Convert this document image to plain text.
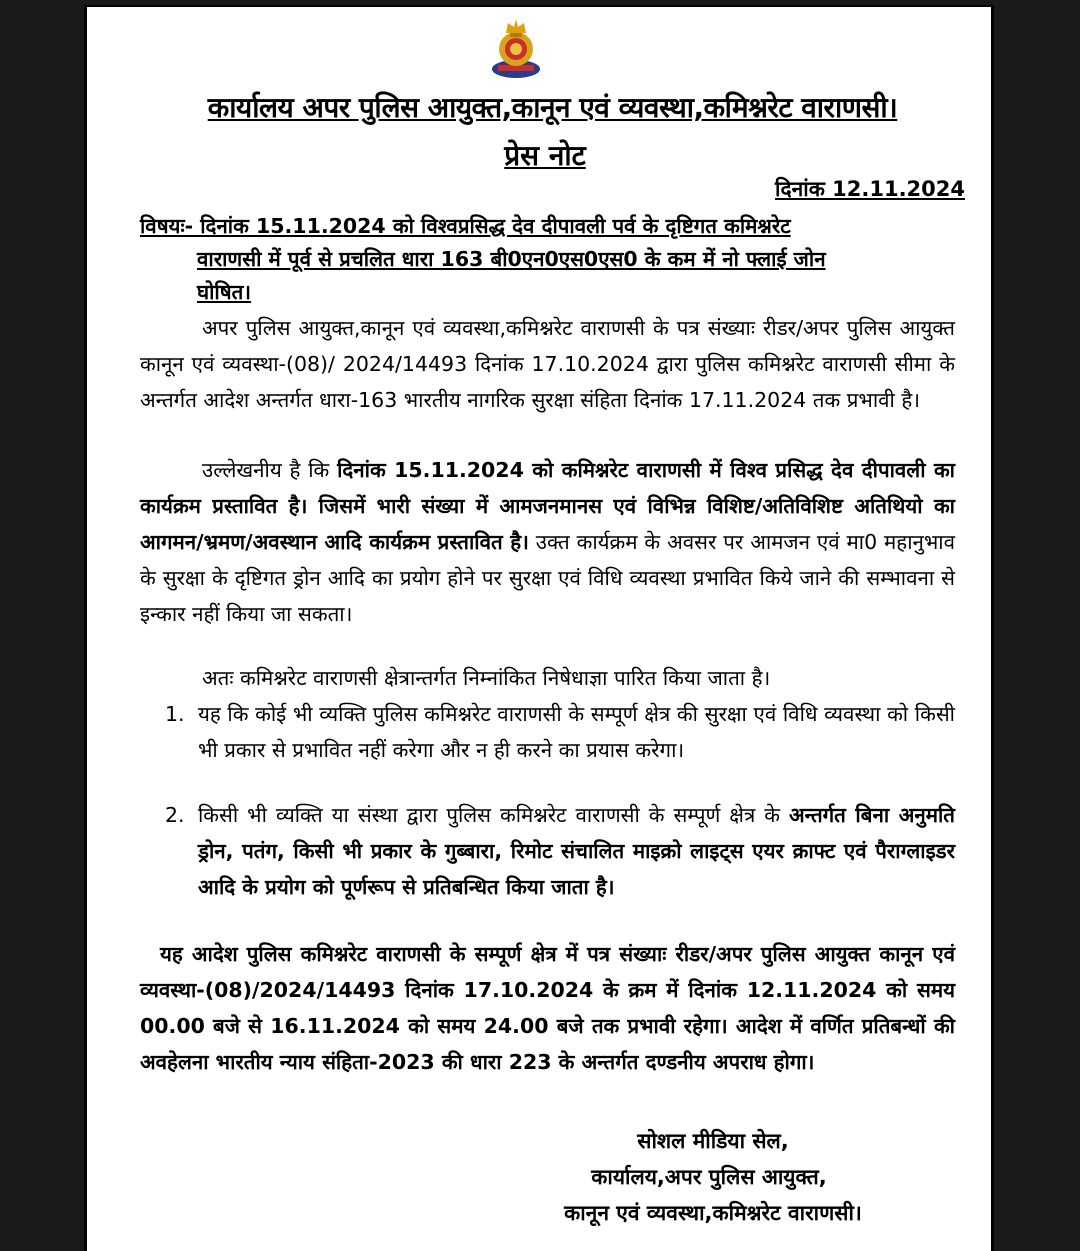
कार्यालय अपर पुलिस आयुक्त,कानून एवं व्यवस्था,कमिश्नरेट वाराणसी।
प्रेस नोट
दिनांक 12.11.2024
विषयः- दिनांक 15.11.2024 को विश्वप्रसिद्ध देव दीपावली पर्व के दृष्टिगत कमिश्नरेट
वाराणसी में पूर्व से प्रचलित धारा 163 बी0एन0एस0एस0 के कम में नो फ्लाई जोन
घोषित।
अपर पुलिस आयुक्त,कानून एवं व्यवस्था,कमिश्नरेट वाराणसी के पत्र संख्याः रीडर/अपर पुलिस आयुक्त कानून एवं व्यवस्था-(08)/ 2024/14493 दिनांक 17.10.2024 द्वारा पुलिस कमिश्नरेट वाराणसी सीमा के अन्तर्गत आदेश अन्तर्गत धारा-163 भारतीय नागरिक सुरक्षा संहिता दिनांक 17.11.2024 तक प्रभावी है।
उल्लेखनीय है कि दिनांक 15.11.2024 को कमिश्नरेट वाराणसी में विश्व प्रसिद्ध देव दीपावली का कार्यक्रम प्रस्तावित है। जिसमें भारी संख्या में आमजनमानस एवं विभिन्न विशिष्ट/अतिविशिष्ट अतिथियो का आगमन/भ्रमण/अवस्थान आदि कार्यक्रम प्रस्तावित है। उक्त कार्यक्रम के अवसर पर आमजन एवं मा0 महानुभाव के सुरक्षा के दृष्टिगत ड्रोन आदि का प्रयोग होने पर सुरक्षा एवं विधि व्यवस्था प्रभावित किये जाने की सम्भावना से इन्कार नहीं किया जा सकता।
अतः कमिश्नरेट वाराणसी क्षेत्रान्तर्गत निम्नांकित निषेधाज्ञा पारित किया जाता है।
1. यह कि कोई भी व्यक्ति पुलिस कमिश्नरेट वाराणसी के सम्पूर्ण क्षेत्र की सुरक्षा एवं विधि व्यवस्था को किसी भी प्रकार से प्रभावित नहीं करेगा और न ही करने का प्रयास करेगा।
2. किसी भी व्यक्ति या संस्था द्वारा पुलिस कमिश्नरेट वाराणसी के सम्पूर्ण क्षेत्र के अन्तर्गत बिना अनुमति ड्रोन, पतंग, किसी भी प्रकार के गुब्बारा, रिमोट संचालित माइक्रो लाइट्स एयर क्राफ्ट एवं पैराग्लाइडर आदि के प्रयोग को पूर्णरूप से प्रतिबन्धित किया जाता है।
यह आदेश पुलिस कमिश्नरेट वाराणसी के सम्पूर्ण क्षेत्र में पत्र संख्याः रीडर/अपर पुलिस आयुक्त कानून एवं व्यवस्था-(08)/2024/14493 दिनांक 17.10.2024 के क्रम में दिनांक 12.11.2024 को समय 00.00 बजे से 16.11.2024 को समय 24.00 बजे तक प्रभावी रहेगा। आदेश में वर्णित प्रतिबन्धों की अवहेलना भारतीय न्याय संहिता-2023 की धारा 223 के अन्तर्गत दण्डनीय अपराध होगा।
सोशल मीडिया सेल,
कार्यालय,अपर पुलिस आयुक्त,
कानून एवं व्यवस्था,कमिश्नरेट वाराणसी।
